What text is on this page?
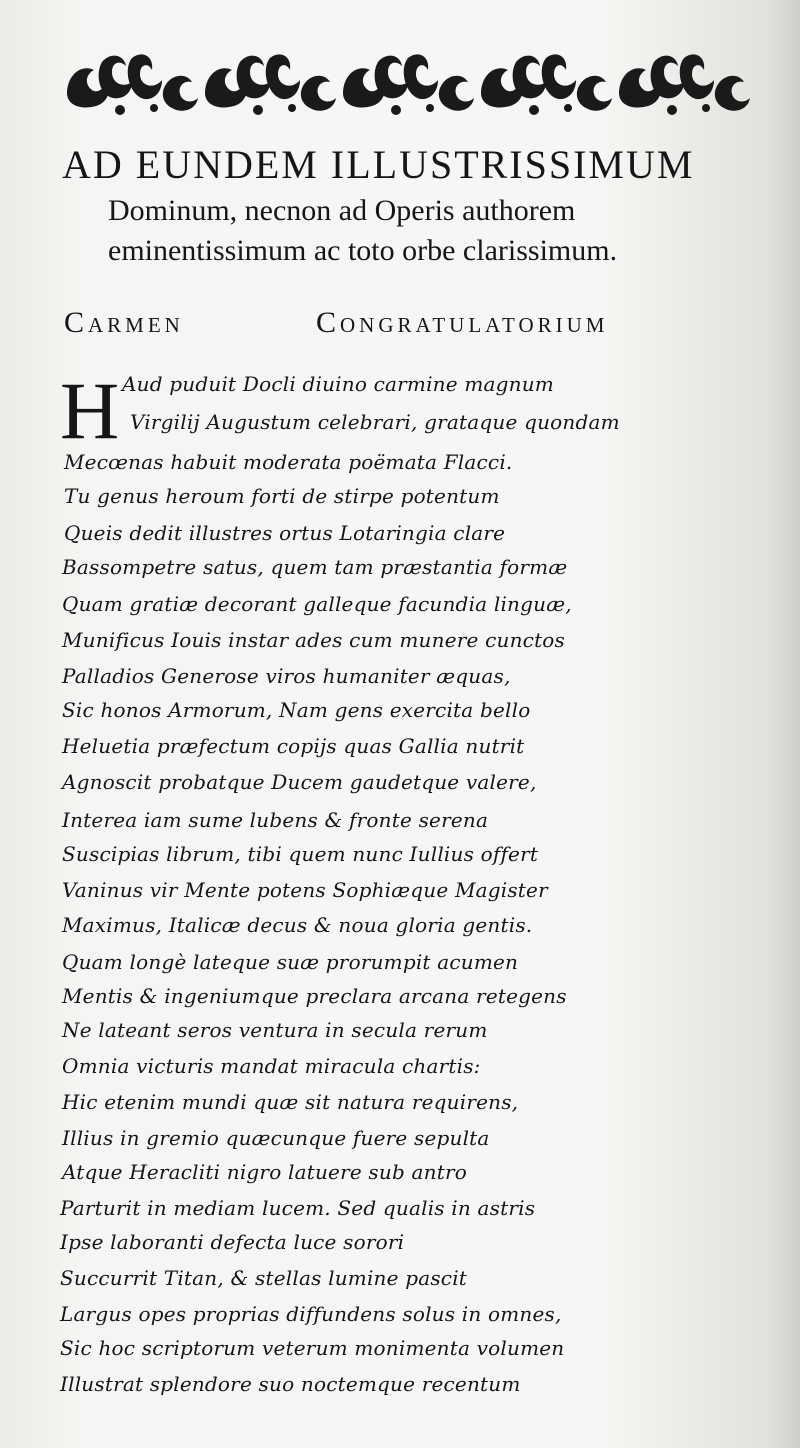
AD EUNDEM ILLUSTRISSIMUM
Dominum, necnon ad Operis authorem
eminentissimum ac toto orbe clarissimum.
Carmen	Congratulatorium
H Aud puduit Docli diuino carmine magnum
Virgilij Augustum celebrari, grataque quondam
Mecœnas habuit moderata poëmata Flacci.
Tu genus heroum forti de stirpe potentum
Queis dedit illustres ortus Lotaringia clare
Bassompetre satus, quem tam præstantia formæ
Quam gratiæ decorant galleque facundia linguæ,
Munificus Iouis instar ades cum munere cunctos
Palladios Generose viros humaniter æquas,
Sic honos Armorum, Nam gens exercita bello
Heluetia præfectum copijs quas Gallia nutrit
Agnoscit probatque Ducem gaudetque valere,
Interea iam sume lubens & fronte serena
Suscipias librum, tibi quem nunc Iullius offert
Vaninus vir Mente potens Sophiæque Magister
Maximus, Italicæ decus & noua gloria gentis.
Quam longè lateque suæ prorumpit acumen
Mentis & ingeniumque preclara arcana retegens
Ne lateant seros ventura in secula rerum
Omnia victuris mandat miracula chartis:
Hic etenim mundi quæ sit natura requirens,
Illius in gremio quæcunque fuere sepulta
Atque Heracliti nigro latuere sub antro
Parturit in mediam lucem. Sed qualis in astris
Ipse laboranti defecta luce sorori
Succurrit Titan, & stellas lumine pascit
Largus opes proprias diffundens solus in omnes,
Sic hoc scriptorum veterum monimenta volumen
Illustrat splendore suo noctemque recentum
